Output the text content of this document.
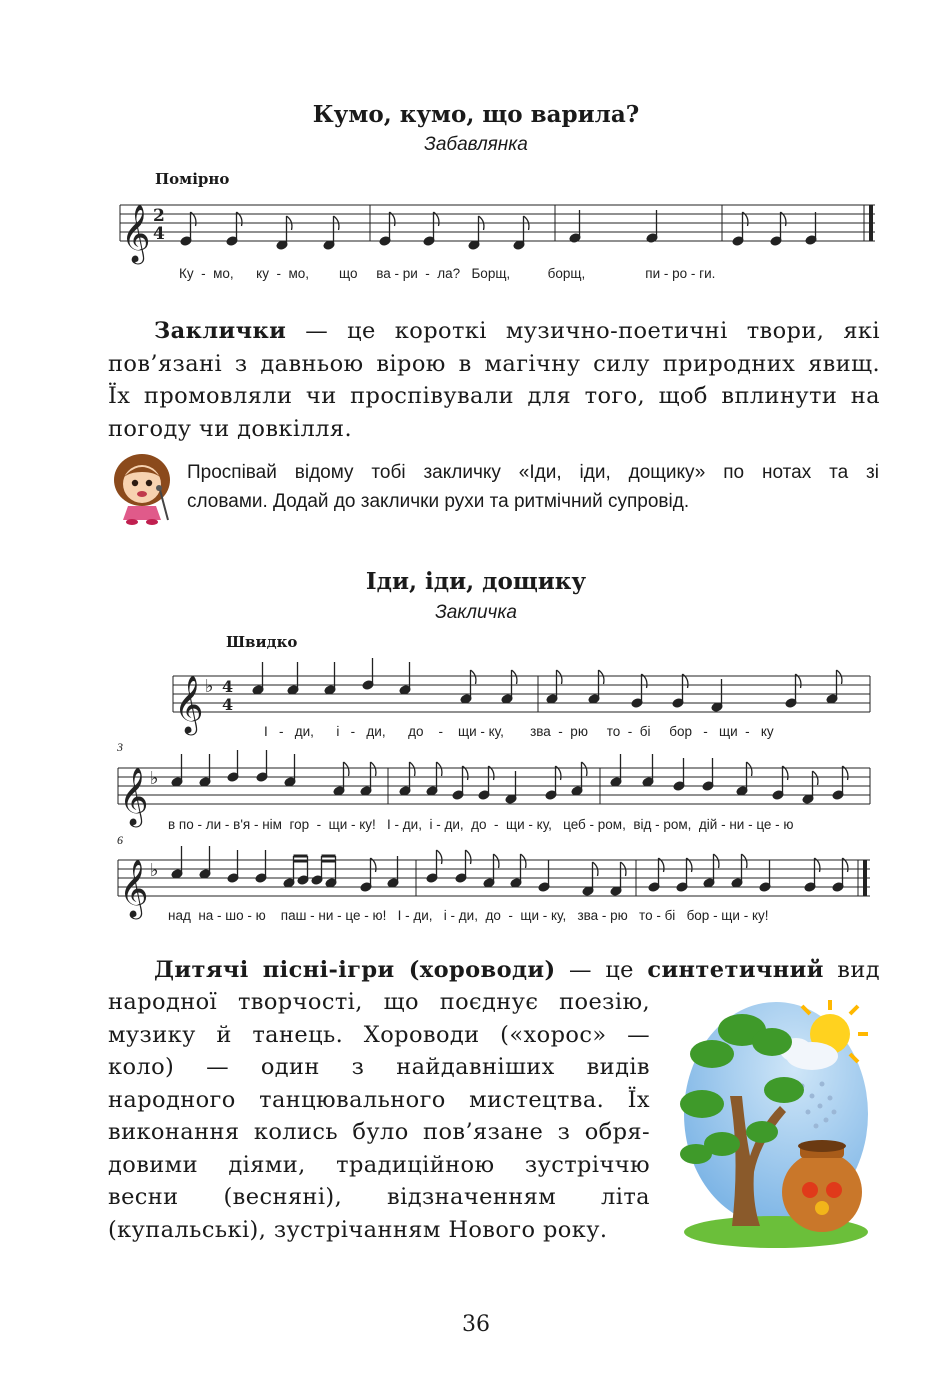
Кумо, кумо, що варила?
Забавлянка
Помірно
𝄞 2
4
Ку  -  мо,      ку  -  мо,        що     ва - ри  -  ла?   Борщ,          борщ,                пи - ро - ги.
Заклички — це короткі музично-поетичні твори, які
пов’язані з давньою вірою в магічну силу природних явищ.
Їх промовляли чи проспівували для того, щоб вплинути на
погоду чи довкілля.
Проспівай відому тобі закличку «Іди, іди, дощику» по нотах та зі
словами. Додай до заклички рухи та ритмічний супровід.
Іди, іди, дощику
Закличка
Швидко
3
6
𝄞 ♭ 4
4
𝄞 ♭
𝄞 ♭
І   -   ди,      і   -   ди,      до    -    щи - ку,       зва  -  рю     то  -  бі     бор   -   щи  -   ку
в по - ли - в'я - нім  гор  -  щи - ку!   І - ди,  і - ди,  до  -  щи - ку,   цеб - ром,  від - ром,  дій - ни - це - ю
над  на - шо - ю    паш - ни - це - ю!   І - ди,   і - ди,  до  -  щи - ку,   зва - рю   то - бі   бор - щи - ку!
Дитячі пісні-ігри (хороводи) — це синтетичний вид
народної творчості, що поєднує поезію,
музику й танець. Хороводи («хорос» —
коло) — один з найдавніших видів
народного танцювального мистецтва. Їх
виконання колись було пов’язане з обря-
довими діями, традиційною зустріччю
весни (весняні), відзначенням літа
(купальські), зустрічанням Нового року.
36
